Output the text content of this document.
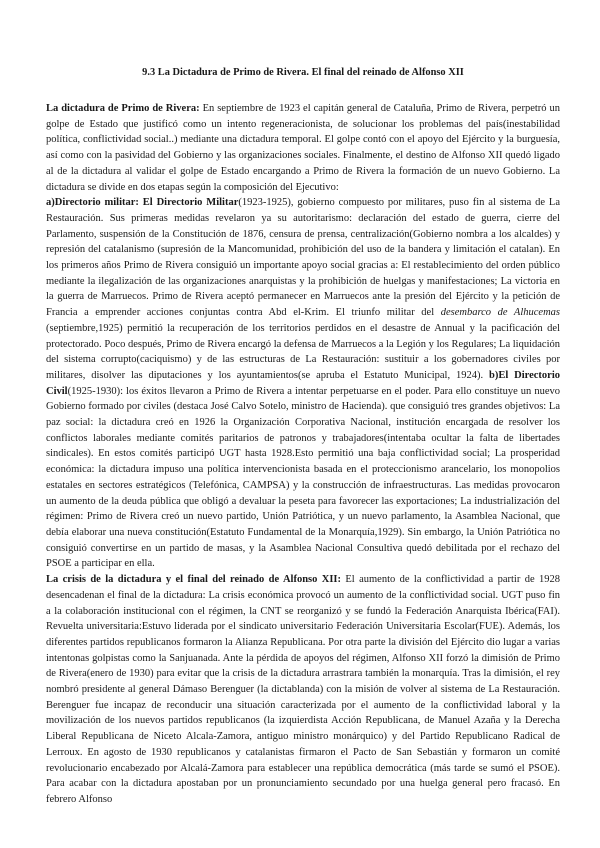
9.3 La Dictadura de Primo de Rivera. El final del reinado de Alfonso XII

La dictadura de Primo de Rivera: En septiembre de 1923 el capitán general de Cataluña, Primo de Rivera, perpetró un golpe de Estado que justificó como un intento regeneracionista, de solucionar los problemas del país(inestabilidad política, conflictividad social..) mediante una dictadura temporal. El golpe contó con el apoyo del Ejército y la burguesía, así como con la pasividad del Gobierno y las organizaciones sociales. Finalmente, el destino de Alfonso XII quedó ligado al de la dictadura al validar el golpe de Estado encargando a Primo de Rivera la formación de un nuevo Gobierno. La dictadura se divide en dos etapas según la composición del Ejecutivo:
a)Directorio militar: El Directorio Militar(1923-1925), gobierno compuesto por militares, puso fin al sistema de La Restauración. Sus primeras medidas revelaron ya su autoritarismo: declaración del estado de guerra, cierre del Parlamento, suspensión de la Constitución de 1876, censura de prensa, centralización(Gobierno nombra a los alcaldes) y represión del catalanismo (supresión de la Mancomunidad, prohibición del uso de la bandera y limitación el catalan). En los primeros años Primo de Rivera consiguió un importante apoyo social gracias a: El restablecimiento del orden público mediante la ilegalización de las organizaciones anarquistas y la prohibición de huelgas y manifestaciones; La victoria en la guerra de Marruecos. Primo de Rivera aceptó permanecer en Marruecos ante la presión del Ejército y la petición de Francia a emprender acciones conjuntas contra Abd el-Krim. El triunfo militar del desembarco de Alhucemas (septiembre,1925) permitió la recuperación de los territorios perdidos en el desastre de Annual y la pacificación del protectorado. Poco después, Primo de Rivera encargó la defensa de Marruecos a la Legión y los Regulares; La liquidación del sistema corrupto(caciquismo) y de las estructuras de La Restauración: sustituir a los gobernadores civiles por militares, disolver las diputaciones y los ayuntamientos(se apruba el Estatuto Municipal, 1924). b)El Directorio Civil(1925-1930): los éxitos llevaron a Primo de Rivera a intentar perpetuarse en el poder. Para ello constituye un nuevo Gobierno formado por civiles (destaca José Calvo Sotelo, ministro de Hacienda). que consiguió tres grandes objetivos: La paz social: la dictadura creó en 1926 la Organización Corporativa Nacional, institución encargada de resolver los conflictos laborales mediante comités paritarios de patronos y trabajadores(intentaba ocultar la falta de libertades sindicales). En estos comités participó UGT hasta 1928.Esto permitió una baja conflictividad social; La prosperidad económica: la dictadura impuso una política intervencionista basada en el proteccionismo arancelario, los monopolios estatales en sectores estratégicos (Telefónica, CAMPSA) y la construcción de infraestructuras. Las medidas provocaron un aumento de la deuda pública que obligó a devaluar la peseta para favorecer las exportaciones; La industrialización del régimen: Primo de Rivera creó un nuevo partido, Unión Patriótica, y un nuevo parlamento, la Asamblea Nacional, que debía elaborar una nueva constitución(Estatuto Fundamental de la Monarquía,1929). Sin embargo, la Unión Patriótica no consiguió convertirse en un partido de masas, y la Asamblea Nacional Consultiva quedó debilitada por el rechazo del PSOE a participar en ella.

La crisis de la dictadura y el final del reinado de Alfonso XII: El aumento de la conflictividad a partir de 1928 desencadenan el final de la dictadura: La crisis económica provocó un aumento de la conflictividad social. UGT puso fin a la colaboración institucional con el régimen, la CNT se reorganizó y se fundó la Federación Anarquista Ibérica(FAI). Revuelta universitaria:Estuvo liderada por el sindicato universitario Federación Universitaria Escolar(FUE). Además, los diferentes partidos republicanos formaron la Alianza Republicana. Por otra parte la división del Ejército dio lugar a varias intentonas golpistas como la Sanjuanada. Ante la pérdida de apoyos del régimen, Alfonso XII forzó la dimisión de Primo de Rivera(enero de 1930) para evitar que la crisis de la dictadura arrastrara también la monarquía. Tras la dimisión, el rey nombró presidente al general Dámaso Berenguer (la dictablanda) con la misión de volver al sistema de La Restauración. Berenguer fue incapaz de reconducir una situación caracterizada por el aumento de la conflictividad laboral y la movilización de los nuevos partidos republicanos (la izquierdista Acción Republicana, de Manuel Azaña y la Derecha Liberal Republicana de Niceto Alcala-Zamora, antiguo ministro monárquico) y del Partido Republicano Radical de Lerroux. En agosto de 1930 republicanos y catalanistas firmaron el Pacto de San Sebastián y formaron un comité revolucionario encabezado por Alcalá-Zamora para establecer una república democrática (más tarde se sumó el PSOE). Para acabar con la dictadura apostaban por un pronunciamiento secundado por una huelga general pero fracasó. En febrero Alfonso
